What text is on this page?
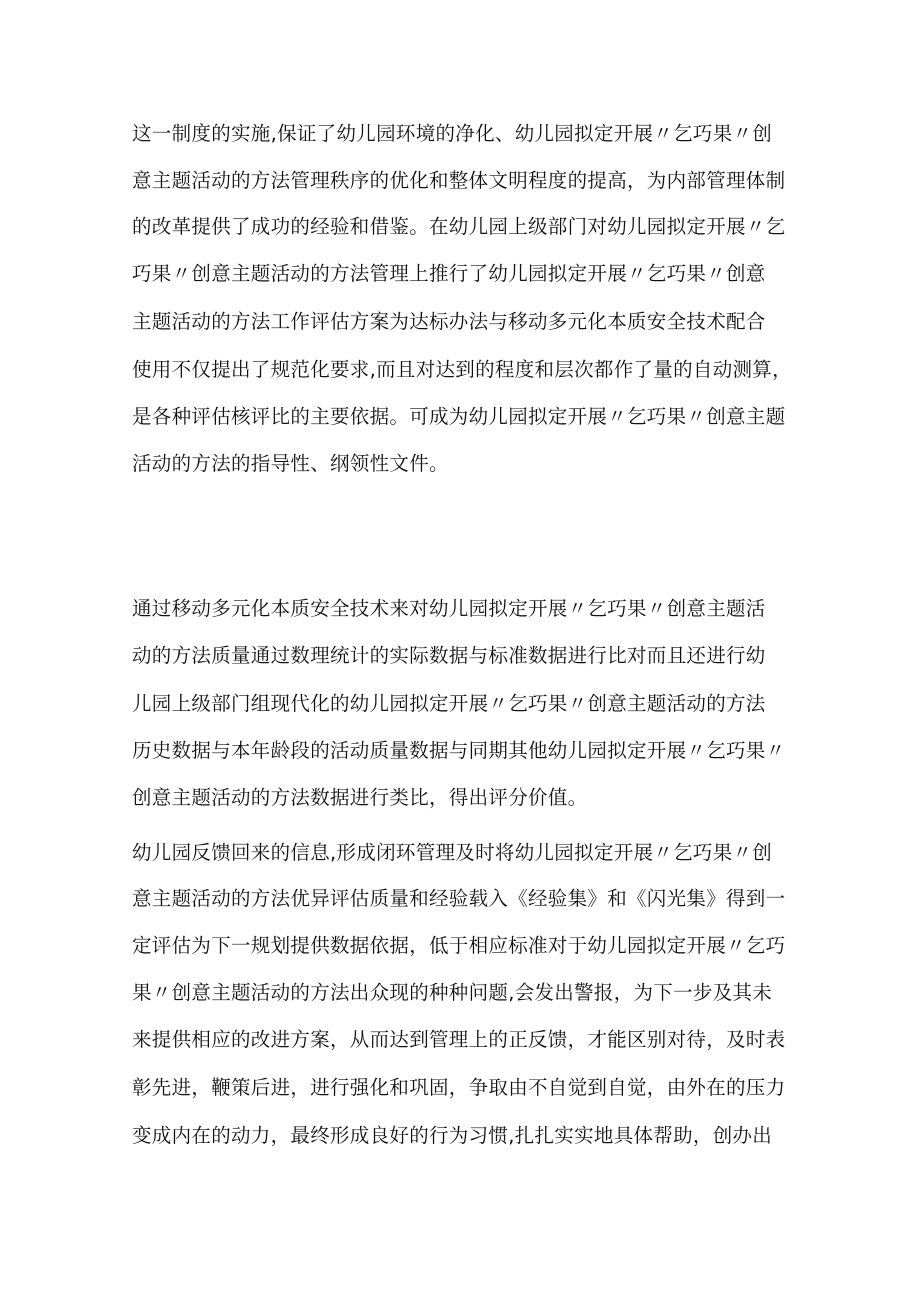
这一制度的实施,保证了幼儿园环境的净化、幼儿园拟定开展〃乞巧果〃创

意主题活动的方法管理秩序的优化和整体文明程度的提高，为内部管理体制

的改革提供了成功的经验和借鉴。在幼儿园上级部门对幼儿园拟定开展〃乞

巧果〃创意主题活动的方法管理上推行了幼儿园拟定开展〃乞巧果〃创意

主题活动的方法工作评估方案为达标办法与移动多元化本质安全技术配合

使用不仅提出了规范化要求,而且对达到的程度和层次都作了量的自动测算，

是各种评估核评比的主要依据。可成为幼儿园拟定开展〃乞巧果〃创意主题

活动的方法的指导性、纲领性文件。

通过移动多元化本质安全技术来对幼儿园拟定开展〃乞巧果〃创意主题活

动的方法质量通过数理统计的实际数据与标准数据进行比对而且还进行幼

儿园上级部门组现代化的幼儿园拟定开展〃乞巧果〃创意主题活动的方法

历史数据与本年龄段的活动质量数据与同期其他幼儿园拟定开展〃乞巧果〃

创意主题活动的方法数据进行类比，得出评分价值。

幼儿园反馈回来的信息,形成闭环管理及时将幼儿园拟定开展〃乞巧果〃创

意主题活动的方法优异评估质量和经验载入《经验集》和《闪光集》得到一

定评估为下一规划提供数据依据，低于相应标准对于幼儿园拟定开展〃乞巧

果〃创意主题活动的方法出众现的种种问题,会发出警报，为下一步及其未

来提供相应的改进方案，从而达到管理上的正反馈，才能区别对待，及时表

彰先进，鞭策后进，进行强化和巩固，争取由不自觉到自觉，由外在的压力

变成内在的动力，最终形成良好的行为习惯,扎扎实实地具体帮助，创办出
